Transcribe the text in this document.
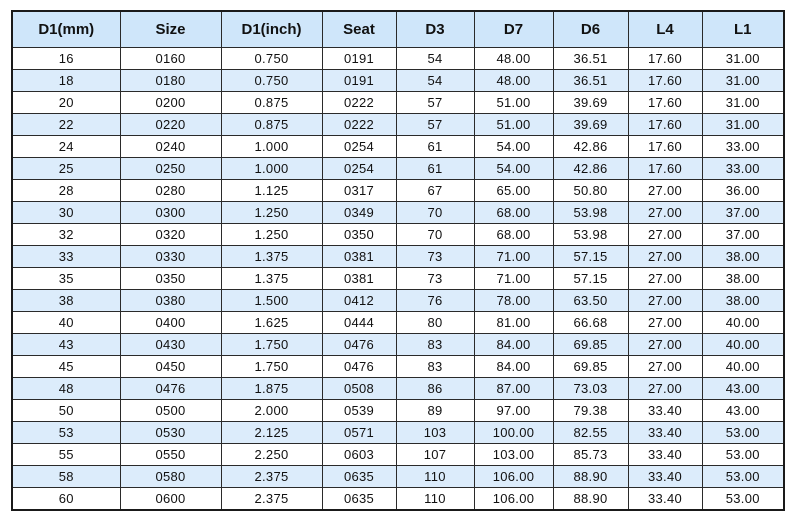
D1(mm)	Size	D1(inch)	Seat	D3	D7	D6	L4	L1
16	0160	0.750	0191	54	48.00	36.51	17.60	31.00
18	0180	0.750	0191	54	48.00	36.51	17.60	31.00
20	0200	0.875	0222	57	51.00	39.69	17.60	31.00
22	0220	0.875	0222	57	51.00	39.69	17.60	31.00
24	0240	1.000	0254	61	54.00	42.86	17.60	33.00
25	0250	1.000	0254	61	54.00	42.86	17.60	33.00
28	0280	1.125	0317	67	65.00	50.80	27.00	36.00
30	0300	1.250	0349	70	68.00	53.98	27.00	37.00
32	0320	1.250	0350	70	68.00	53.98	27.00	37.00
33	0330	1.375	0381	73	71.00	57.15	27.00	38.00
35	0350	1.375	0381	73	71.00	57.15	27.00	38.00
38	0380	1.500	0412	76	78.00	63.50	27.00	38.00
40	0400	1.625	0444	80	81.00	66.68	27.00	40.00
43	0430	1.750	0476	83	84.00	69.85	27.00	40.00
45	0450	1.750	0476	83	84.00	69.85	27.00	40.00
48	0476	1.875	0508	86	87.00	73.03	27.00	43.00
50	0500	2.000	0539	89	97.00	79.38	33.40	43.00
53	0530	2.125	0571	103	100.00	82.55	33.40	53.00
55	0550	2.250	0603	107	103.00	85.73	33.40	53.00
58	0580	2.375	0635	110	106.00	88.90	33.40	53.00
60	0600	2.375	0635	110	106.00	88.90	33.40	53.00
